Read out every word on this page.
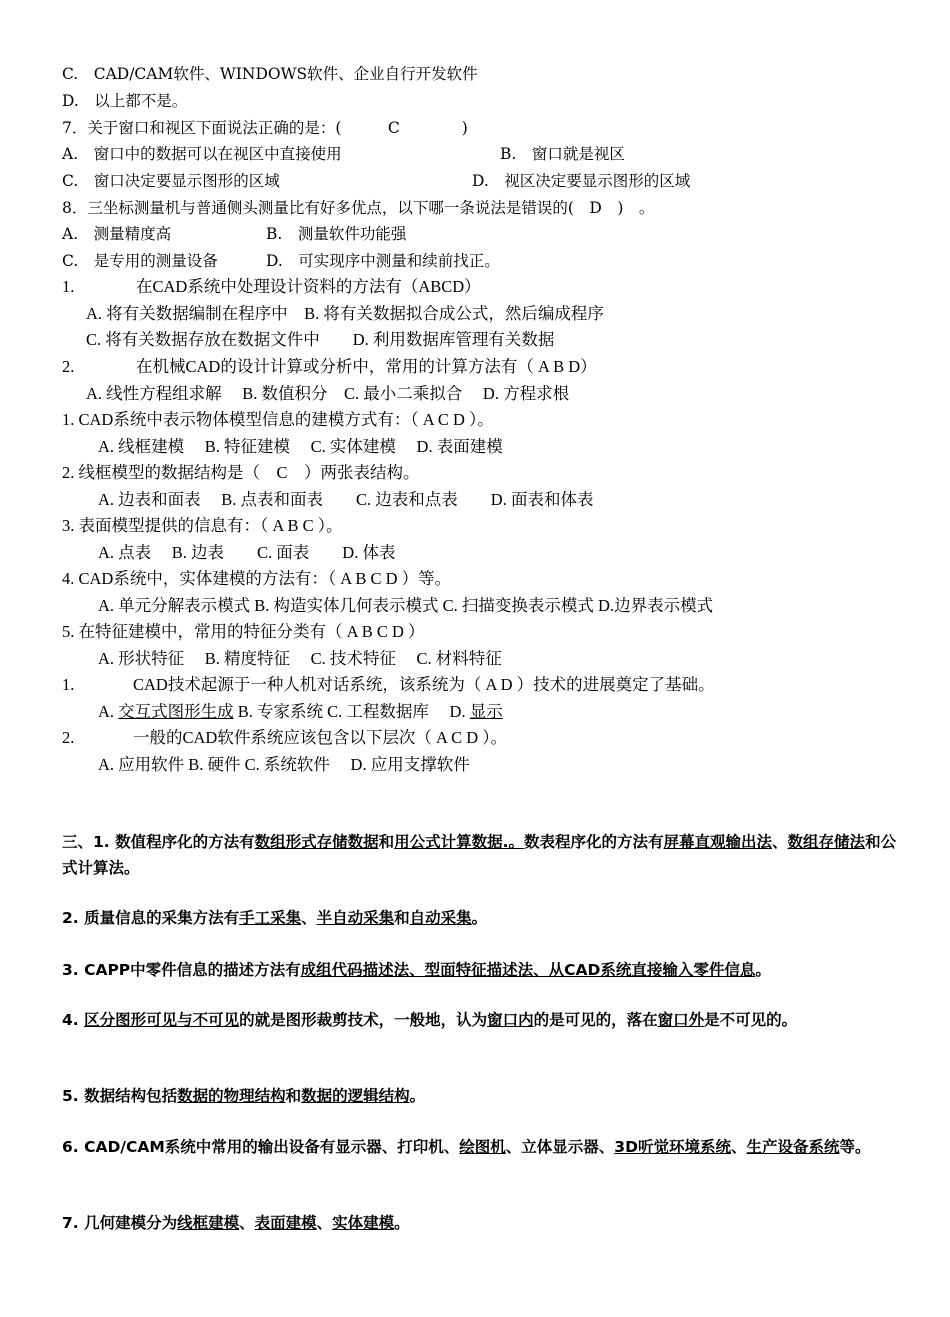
C.　CAD/CAM软件、WINDOWS软件、企业自行开发软件
D.　以上都不是。
7．关于窗口和视区下面说法正确的是：(　　　C　　　　)
A.　窗口中的数据可以在视区中直接使用	B.　窗口就是视区
C.　窗口决定要显示图形的区域	D.　视区决定要显示图形的区域
8．三坐标测量机与普通侧头测量比有好多优点，以下哪一条说法是错误的(　D　)　。
A.　测量精度高	B.　测量软件功能强
C.　是专用的测量设备	D.　可实现序中测量和续前找正。
1.	在CAD系统中处理设计资料的方法有（ABCD）
A. 将有关数据编制在程序中　B. 将有关数据拟合成公式，然后编成程序
C. 将有关数据存放在数据文件中　　D. 利用数据库管理有关数据
2.	在机械CAD的设计计算或分析中，常用的计算方法有（ A B D）
A. 线性方程组求解　 B. 数值积分　C. 最小二乘拟合　 D. 方程求根
1. CAD系统中表示物体模型信息的建模方式有：（ A C D ）。
A. 线框建模　 B. 特征建模　 C. 实体建模　 D. 表面建模
2. 线框模型的数据结构是（　C　）两张表结构。
A. 边表和面表　 B. 点表和面表　　C. 边表和点表　　D. 面表和体表
3. 表面模型提供的信息有：（ A B C ）。
A. 点表　 B. 边表　　C. 面表　　D. 体表
4. CAD系统中，实体建模的方法有：（ A B C D ）等。
A. 单元分解表示模式 B. 构造实体几何表示模式 C. 扫描变换表示模式 D.边界表示模式
5. 在特征建模中，常用的特征分类有（ A B C D ）
A. 形状特征　 B. 精度特征　 C. 技术特征　 C. 材料特征
1.	CAD技术起源于一种人机对话系统，该系统为（ A D ）技术的进展奠定了基础。
A. 交互式图形生成 B. 专家系统 C. 工程数据库　 D. 显示
2.	一般的CAD软件系统应该包含以下层次（ A C D ）。
A. 应用软件 B. 硬件 C. 系统软件　 D. 应用支撑软件
三、1. 数值程序化的方法有数组形式存储数据和用公式计算数据.。数表程序化的方法有屏幕直观输出法、数组存储法和公式计算法。
2. 质量信息的采集方法有手工采集、半自动采集和自动采集。
3. CAPP中零件信息的描述方法有成组代码描述法、型面特征描述法、从CAD系统直接输入零件信息。
4. 区分图形可见与不可见的就是图形裁剪技术，一般地，认为窗口内的是可见的，落在窗口外是不可见的。
5. 数据结构包括数据的物理结构和数据的逻辑结构。
6. CAD/CAM系统中常用的输出设备有显示器、打印机、绘图机、立体显示器、3D听觉环境系统、生产设备系统等。
7. 几何建模分为线框建模、表面建模、实体建模。
